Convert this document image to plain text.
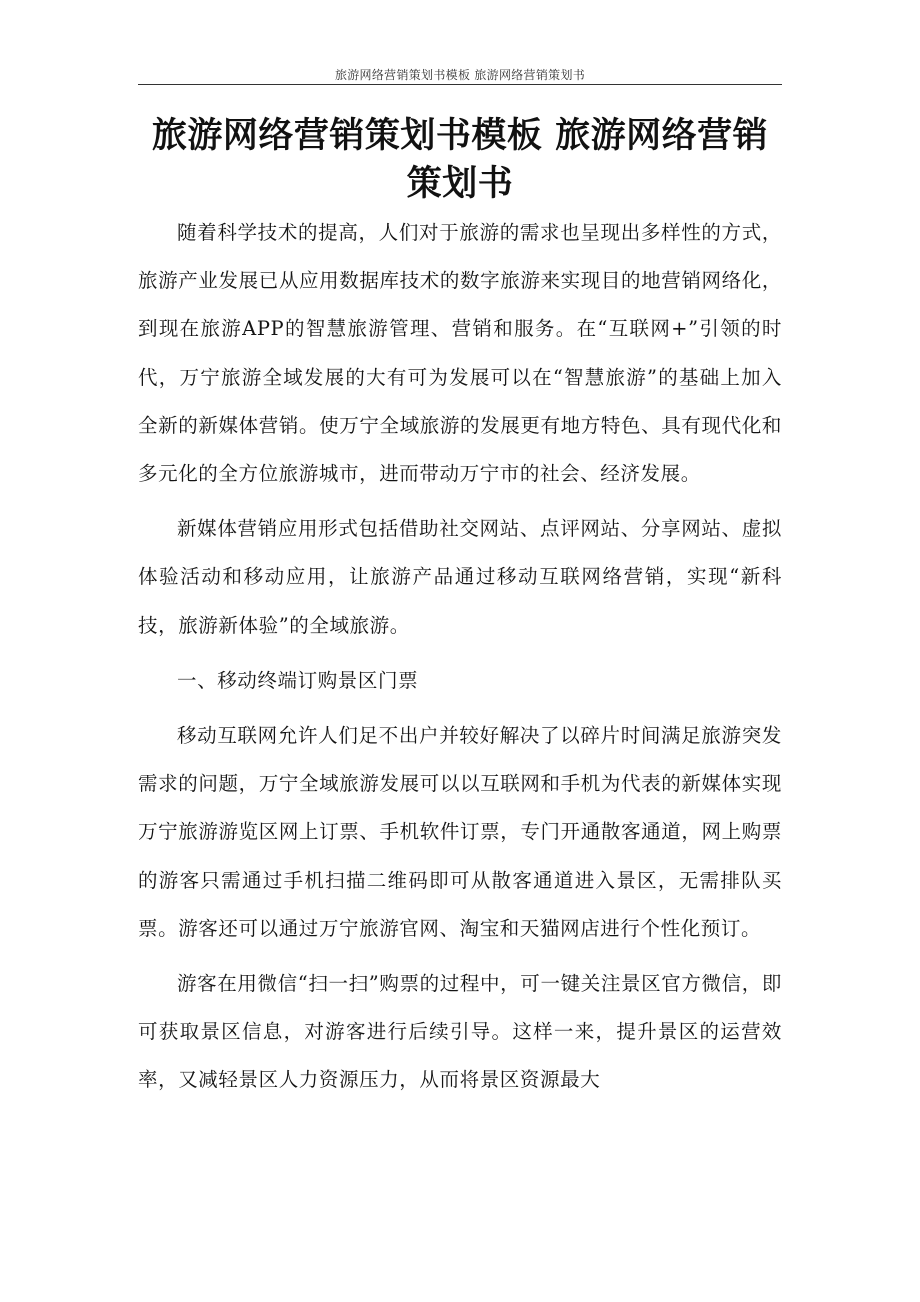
旅游网络营销策划书模板 旅游网络营销策划书
旅游网络营销策划书模板 旅游网络营销策划书

随着科学技术的提高，人们对于旅游的需求也呈现出多样性的方式，旅游产业发展已从应用数据库技术的数字旅游来实现目的地营销网络化，到现在旅游APP的智慧旅游管理、营销和服务。在“互联网+”引领的时代，万宁旅游全域发展的大有可为发展可以在“智慧旅游”的基础上加入全新的新媒体营销。使万宁全域旅游的发展更有地方特色、具有现代化和多元化的全方位旅游城市，进而带动万宁市的社会、经济发展。

新媒体营销应用形式包括借助社交网站、点评网站、分享网站、虚拟体验活动和移动应用，让旅游产品通过移动互联网络营销，实现“新科技，旅游新体验”的全域旅游。

一、移动终端订购景区门票

移动互联网允许人们足不出户并较好解决了以碎片时间满足旅游突发需求的问题，万宁全域旅游发展可以以互联网和手机为代表的新媒体实现万宁旅游游览区网上订票、手机软件订票，专门开通散客通道，网上购票的游客只需通过手机扫描二维码即可从散客通道进入景区，无需排队买票。游客还可以通过万宁旅游官网、淘宝和天猫网店进行个性化预订。

游客在用微信“扫一扫”购票的过程中，可一键关注景区官方微信，即可获取景区信息，对游客进行后续引导。这样一来，提升景区的运营效率，又减轻景区人力资源压力，从而将景区资源最大
